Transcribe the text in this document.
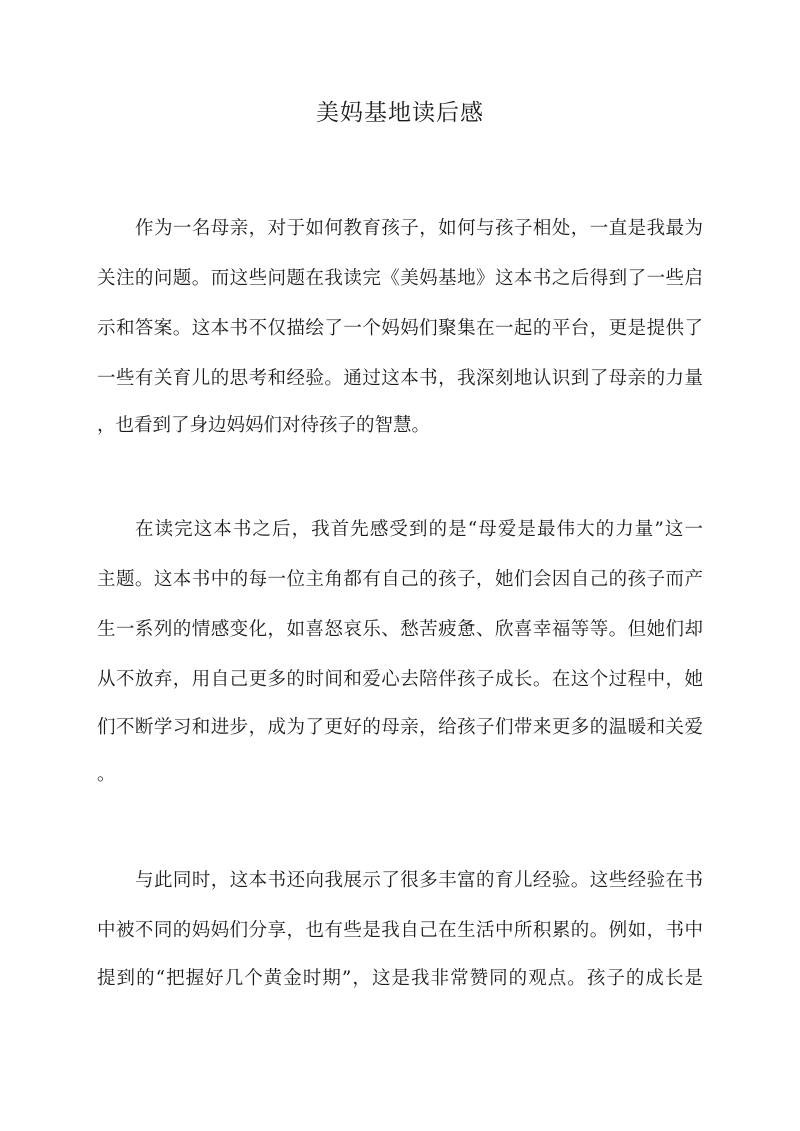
美妈基地读后感
作为一名母亲，对于如何教育孩子，如何与孩子相处，一直是我最为
关注的问题。而这些问题在我读完《美妈基地》这本书之后得到了一些启
示和答案。这本书不仅描绘了一个妈妈们聚集在一起的平台，更是提供了
一些有关育儿的思考和经验。通过这本书，我深刻地认识到了母亲的力量
，也看到了身边妈妈们对待孩子的智慧。
在读完这本书之后，我首先感受到的是“母爱是最伟大的力量”这一
主题。这本书中的每一位主角都有自己的孩子，她们会因自己的孩子而产
生一系列的情感变化，如喜怒哀乐、愁苦疲惫、欣喜幸福等等。但她们却
从不放弃，用自己更多的时间和爱心去陪伴孩子成长。在这个过程中，她
们不断学习和进步，成为了更好的母亲，给孩子们带来更多的温暖和关爱
。
与此同时，这本书还向我展示了很多丰富的育儿经验。这些经验在书
中被不同的妈妈们分享，也有些是我自己在生活中所积累的。例如，书中
提到的“把握好几个黄金时期”，这是我非常赞同的观点。孩子的成长是
